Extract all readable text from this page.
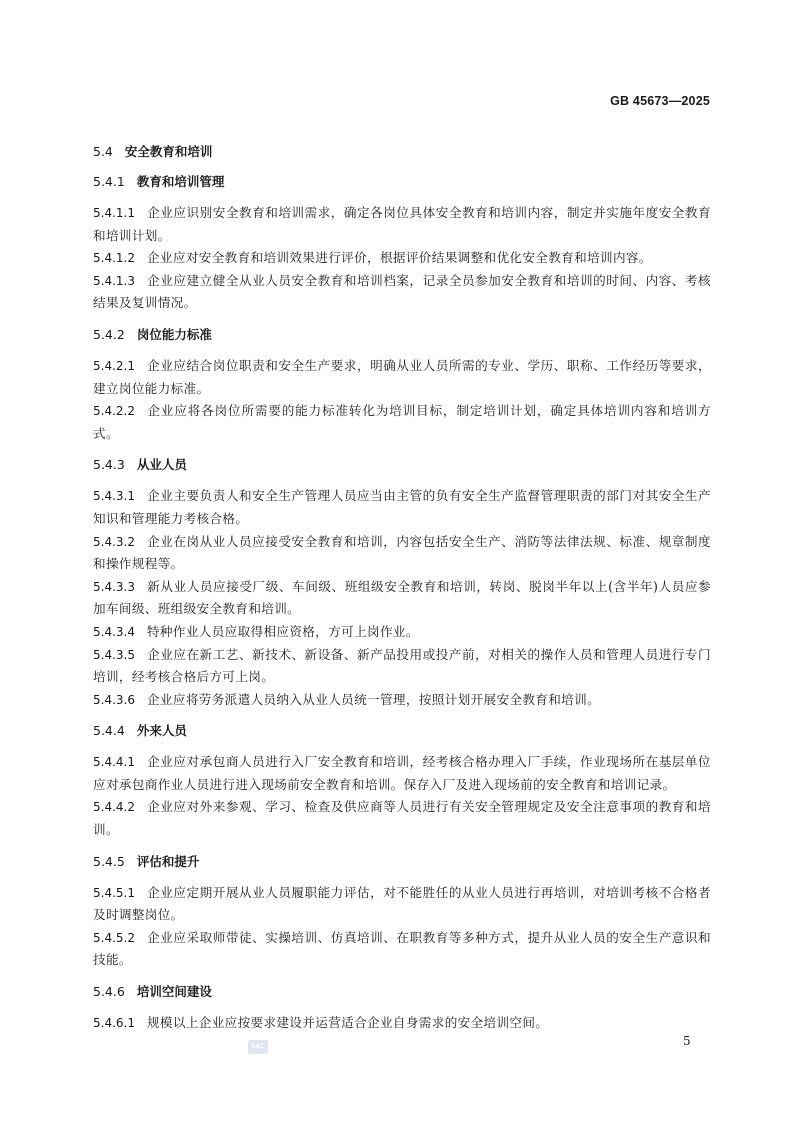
GB 45673—2025
5.4 安全教育和培训
5.4.1 教育和培训管理
5.4.1.1 企业应识别安全教育和培训需求，确定各岗位具体安全教育和培训内容，制定并实施年度安全教育和培训计划。
5.4.1.2 企业应对安全教育和培训效果进行评价，根据评价结果调整和优化安全教育和培训内容。
5.4.1.3 企业应建立健全从业人员安全教育和培训档案，记录全员参加安全教育和培训的时间、内容、考核结果及复训情况。
5.4.2 岗位能力标准
5.4.2.1 企业应结合岗位职责和安全生产要求，明确从业人员所需的专业、学历、职称、工作经历等要求，建立岗位能力标准。
5.4.2.2 企业应将各岗位所需要的能力标准转化为培训目标，制定培训计划，确定具体培训内容和培训方式。
5.4.3 从业人员
5.4.3.1 企业主要负责人和安全生产管理人员应当由主管的负有安全生产监督管理职责的部门对其安全生产知识和管理能力考核合格。
5.4.3.2 企业在岗从业人员应接受安全教育和培训，内容包括安全生产、消防等法律法规、标准、规章制度和操作规程等。
5.4.3.3 新从业人员应接受厂级、车间级、班组级安全教育和培训，转岗、脱岗半年以上(含半年)人员应参加车间级、班组级安全教育和培训。
5.4.3.4 特种作业人员应取得相应资格，方可上岗作业。
5.4.3.5 企业应在新工艺、新技术、新设备、新产品投用或投产前，对相关的操作人员和管理人员进行专门培训，经考核合格后方可上岗。
5.4.3.6 企业应将劳务派遣人员纳入从业人员统一管理，按照计划开展安全教育和培训。
5.4.4 外来人员
5.4.4.1 企业应对承包商人员进行入厂安全教育和培训，经考核合格办理入厂手续，作业现场所在基层单位应对承包商作业人员进行进入现场前安全教育和培训。保存入厂及进入现场前的安全教育和培训记录。
5.4.4.2 企业应对外来参观、学习、检查及供应商等人员进行有关安全管理规定及安全注意事项的教育和培训。
5.4.5 评估和提升
5.4.5.1 企业应定期开展从业人员履职能力评估，对不能胜任的从业人员进行再培训，对培训考核不合格者及时调整岗位。
5.4.5.2 企业应采取师带徒、实操培训、仿真培训、在职教育等多种方式，提升从业人员的安全生产意识和技能。
5.4.6 培训空间建设
5.4.6.1 规模以上企业应按要求建设并运营适合企业自身需求的安全培训空间。
SAC	5
